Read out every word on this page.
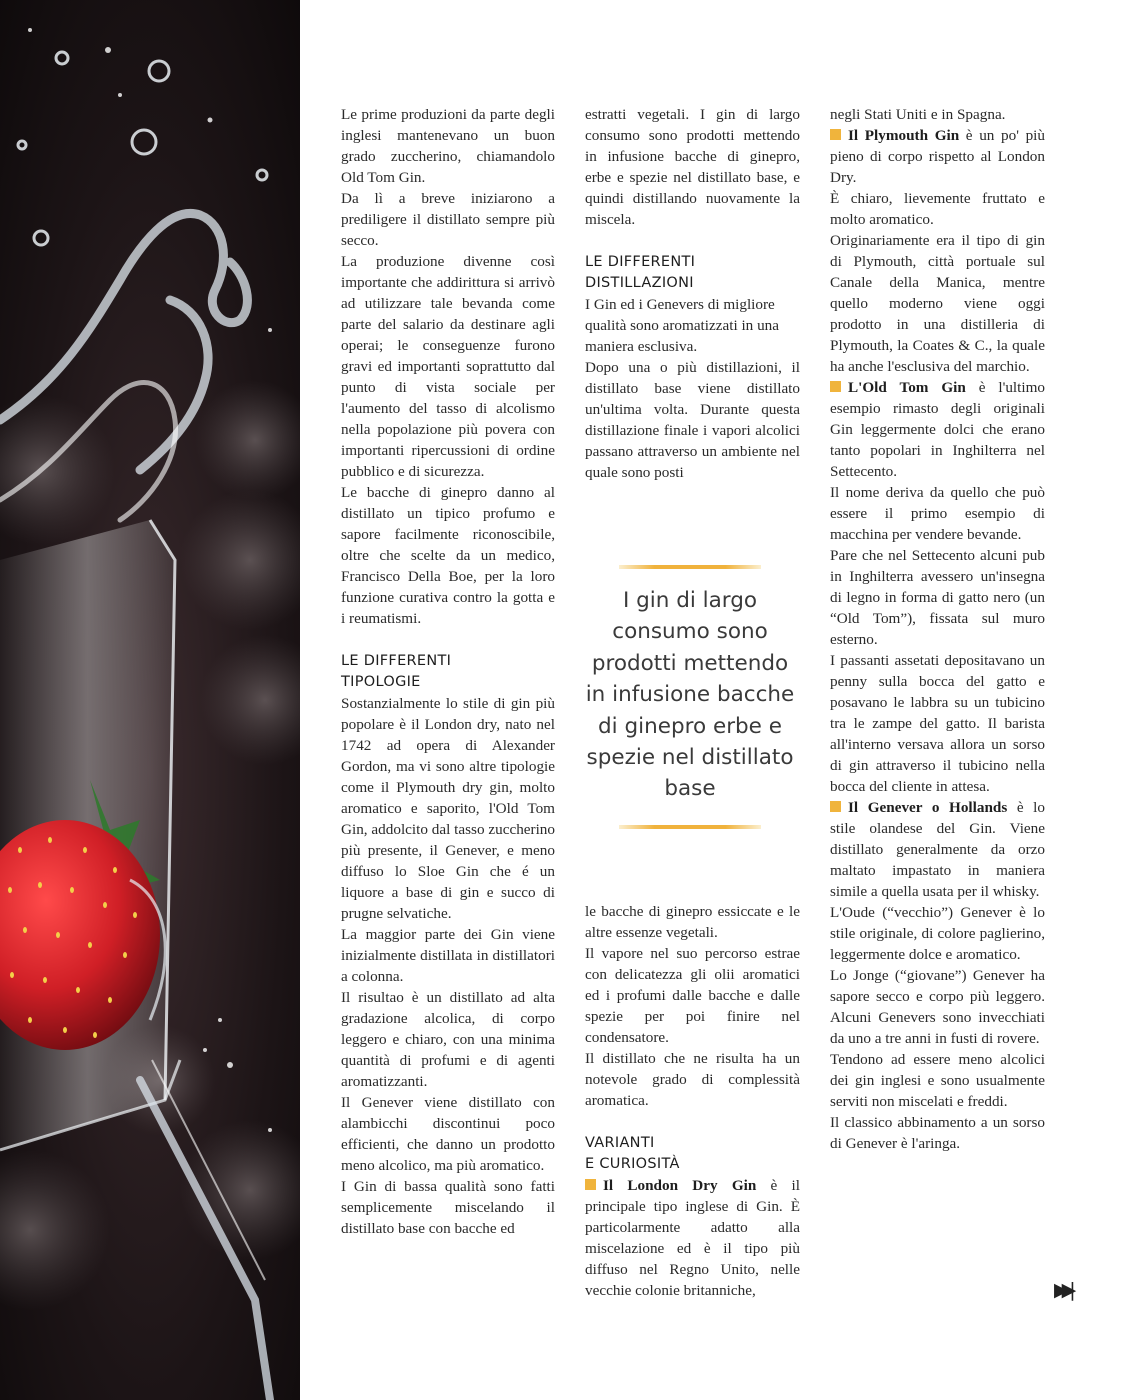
Le prime produzioni da parte degli inglesi mantenevano un buon grado zuccherino, chiamandolo Old Tom Gin.

Da lì a breve iniziarono a prediligere il distillato sempre più secco.

La produzione divenne così importante che addirittura si arrivò ad utilizzare tale bevanda come parte del salario da destinare agli operai; le conseguenze furono gravi ed importanti soprattutto dal punto di vista sociale per l'aumento del tasso di alcolismo nella popolazione più povera con importanti ripercussioni di ordine pubblico e di sicurezza.

Le bacche di ginepro danno al distillato un tipico profumo e sapore facilmente riconoscibile, oltre che scelte da un medico, Francisco Della Boe, per la loro funzione curativa contro la gotta e i reumatismi.

LE DIFFERENTI
TIPOLOGIE

Sostanzialmente lo stile di gin più popolare è il London dry, nato nel 1742 ad opera di Alexander Gordon, ma vi sono altre tipologie come il Plymouth dry gin, molto aromatico e saporito, l'Old Tom Gin, addolcito dal tasso zuccherino più presente, il Genever, e meno diffuso lo Sloe Gin che é un liquore a base di gin e succo di prugne selvatiche.

La maggior parte dei Gin viene inizialmente distillata in distillatori a colonna.

Il risultao è un distillato ad alta gradazione alcolica, di corpo leggero e chiaro, con una minima quantità di profumi e di agenti aromatizzanti.

Il Genever viene distillato con alambicchi discontinui poco efficienti, che danno un prodotto meno alcolico, ma più aromatico.

I Gin di bassa qualità sono fatti semplicemente miscelando il distillato base con bacche ed

estratti vegetali. I gin di largo consumo sono prodotti mettendo in infusione bacche di ginepro, erbe e spezie nel distillato base, e quindi distillando nuovamente la miscela.

LE DIFFERENTI
DISTILLAZIONI

I Gin ed i Genevers di migliore qualità sono aromatizzati in una maniera esclusiva.

Dopo una o più distillazioni, il distillato base viene distillato un'ultima volta. Durante questa distillazione finale i vapori alcolici passano attraverso un ambiente nel quale sono posti

I gin di largo consumo sono prodotti mettendo in infusione bacche di ginepro erbe e spezie nel distillato base

le bacche di ginepro essiccate e le altre essenze vegetali.

Il vapore nel suo percorso estrae con delicatezza gli olii aromatici ed i profumi dalle bacche e dalle spezie per poi finire nel condensatore.

Il distillato che ne risulta ha un notevole grado di complessità aromatica.

VARIANTI
E CURIOSITÀ

Il London Dry Gin è il principale tipo inglese di Gin. È particolarmente adatto alla miscelazione ed è il tipo più diffuso nel Regno Unito, nelle vecchie colonie britanniche,

negli Stati Uniti e in Spagna.

Il Plymouth Gin è un po' più pieno di corpo rispetto al London Dry.

È chiaro, lievemente fruttato e molto aromatico.

Originariamente era il tipo di gin di Plymouth, città portuale sul Canale della Manica, mentre quello moderno viene oggi prodotto in una distilleria di Plymouth, la Coates & C., la quale ha anche l'esclusiva del marchio.

L'Old Tom Gin è l'ultimo esempio rimasto degli originali Gin leggermente dolci che erano tanto popolari in Inghilterra nel Settecento.

Il nome deriva da quello che può essere il primo esempio di macchina per vendere bevande.

Pare che nel Settecento alcuni pub in Inghilterra avessero un'insegna di legno in forma di gatto nero (un “Old Tom”), fissata sul muro esterno.

I passanti assetati depositavano un penny sulla bocca del gatto e posavano le labbra su un tubicino tra le zampe del gatto. Il barista all'interno versava allora un sorso di gin attraverso il tubicino nella bocca del cliente in attesa.

Il Genever o Hollands è lo stile olandese del Gin. Viene distillato generalmente da orzo maltato impastato in maniera simile a quella usata per il whisky.

L'Oude (“vecchio”) Genever è lo stile originale, di colore paglierino, leggermente dolce e aromatico.

Lo Jonge (“giovane”) Genever ha sapore secco e corpo più leggero. Alcuni Genevers sono invecchiati da uno a tre anni in fusti di rovere.

Tendono ad essere meno alcolici dei gin inglesi e sono usualmente serviti non miscelati e freddi.

Il classico abbinamento a un sorso di Genever è l'aringa.

▶▶|
